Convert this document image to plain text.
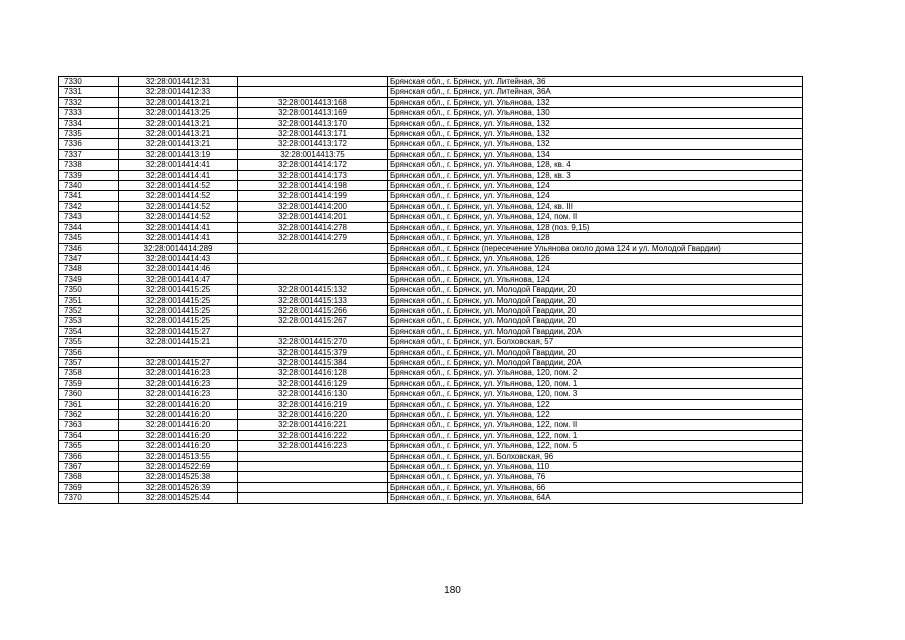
7330	32:28:0014412:31		Брянская обл., г. Брянск, ул. Литейная, 36
7331	32:28:0014412:33		Брянская обл., г. Брянск, ул. Литейная, 36А
7332	32:28:0014413:21	32:28:0014413:168	Брянская обл., г. Брянск, ул. Ульянова, 132
7333	32:28:0014413:25	32:28:0014413:169	Брянская обл., г. Брянск, ул. Ульянова, 130
7334	32:28:0014413:21	32:28:0014413:170	Брянская обл., г. Брянск, ул. Ульянова, 132
7335	32:28:0014413:21	32:28:0014413:171	Брянская обл., г. Брянск, ул. Ульянова, 132
7336	32:28:0014413:21	32:28:0014413:172	Брянская обл., г. Брянск, ул. Ульянова, 132
7337	32:28:0014413:19	32:28:0014413:75	Брянская обл., г. Брянск, ул. Ульянова, 134
7338	32:28:0014414:41	32:28:0014414:172	Брянская обл., г. Брянск, ул. Ульянова, 128, кв. 4
7339	32:28:0014414:41	32:28:0014414:173	Брянская обл., г. Брянск, ул. Ульянова, 128, кв. 3
7340	32:28:0014414:52	32:28:0014414:198	Брянская обл., г. Брянск, ул. Ульянова, 124
7341	32:28:0014414:52	32:28:0014414:199	Брянская обл., г. Брянск, ул. Ульянова, 124
7342	32:28:0014414:52	32:28:0014414:200	Брянская обл., г. Брянск, ул. Ульянова, 124, кв. III
7343	32:28:0014414:52	32:28:0014414:201	Брянская обл., г. Брянск, ул. Ульянова, 124, пом. II
7344	32:28:0014414:41	32:28:0014414:278	Брянская обл., г. Брянск, ул. Ульянова, 128 (поз. 9,15)
7345	32:28:0014414:41	32:28:0014414:279	Брянская обл., г. Брянск, ул. Ульянова, 128
7346	32:28:0014414:289		Брянская обл., г. Брянск (пересечение Ульянова около дома 124 и ул. Молодой Гвардии)
7347	32:28:0014414:43		Брянская обл., г. Брянск, ул. Ульянова, 126
7348	32:28:0014414:46		Брянская обл., г. Брянск, ул. Ульянова, 124
7349	32:28:0014414:47		Брянская обл., г. Брянск, ул. Ульянова, 124
7350	32:28:0014415:25	32:28:0014415:132	Брянская обл., г. Брянск, ул. Молодой Гвардии, 20
7351	32:28:0014415:25	32:28:0014415:133	Брянская обл., г. Брянск, ул. Молодой Гвардии, 20
7352	32:28:0014415:25	32:28:0014415:266	Брянская обл., г. Брянск, ул. Молодой Гвардии, 20
7353	32:28:0014415:25	32:28:0014415:267	Брянская обл., г. Брянск, ул. Молодой Гвардии, 20
7354	32:28:0014415:27		Брянская обл., г. Брянск, ул. Молодой Гвардии, 20А
7355	32:28:0014415:21	32:28:0014415:270	Брянская обл., г. Брянск, ул. Болховская, 57
7356		32:28:0014415:379	Брянская обл., г. Брянск, ул. Молодой Гвардии, 20
7357	32:28:0014415:27	32:28:0014415:384	Брянская обл., г. Брянск, ул. Молодой Гвардии, 20А
7358	32:28:0014416:23	32:28:0014416:128	Брянская обл., г. Брянск, ул. Ульянова, 120, пом. 2
7359	32:28:0014416:23	32:28:0014416:129	Брянская обл., г. Брянск, ул. Ульянова, 120, пом. 1
7360	32:28:0014416:23	32:28:0014416:130	Брянская обл., г. Брянск, ул. Ульянова, 120, пом. 3
7361	32:28:0014416:20	32:28:0014416:219	Брянская обл., г. Брянск, ул. Ульянова, 122
7362	32:28:0014416:20	32:28:0014416:220	Брянская обл., г. Брянск, ул. Ульянова, 122
7363	32:28:0014416:20	32:28:0014416:221	Брянская обл., г. Брянск, ул. Ульянова, 122, пом. II
7364	32:28:0014416:20	32:28:0014416:222	Брянская обл., г. Брянск, ул. Ульянова, 122, пом. 1
7365	32:28:0014416:20	32:28:0014416:223	Брянская обл., г. Брянск, ул. Ульянова, 122, пом. 5
7366	32:28:0014513:55		Брянская обл., г. Брянск, ул. Болховская, 96
7367	32:28:0014522:69		Брянская обл., г. Брянск, ул. Ульянова, 110
7368	32:28:0014525:38		Брянская обл., г. Брянск, ул. Ульянова, 76
7369	32:28:0014526:39		Брянская обл., г. Брянск, ул. Ульянова, 66
7370	32:28:0014525:44		Брянская обл., г. Брянск, ул. Ульянова, 64А
180
